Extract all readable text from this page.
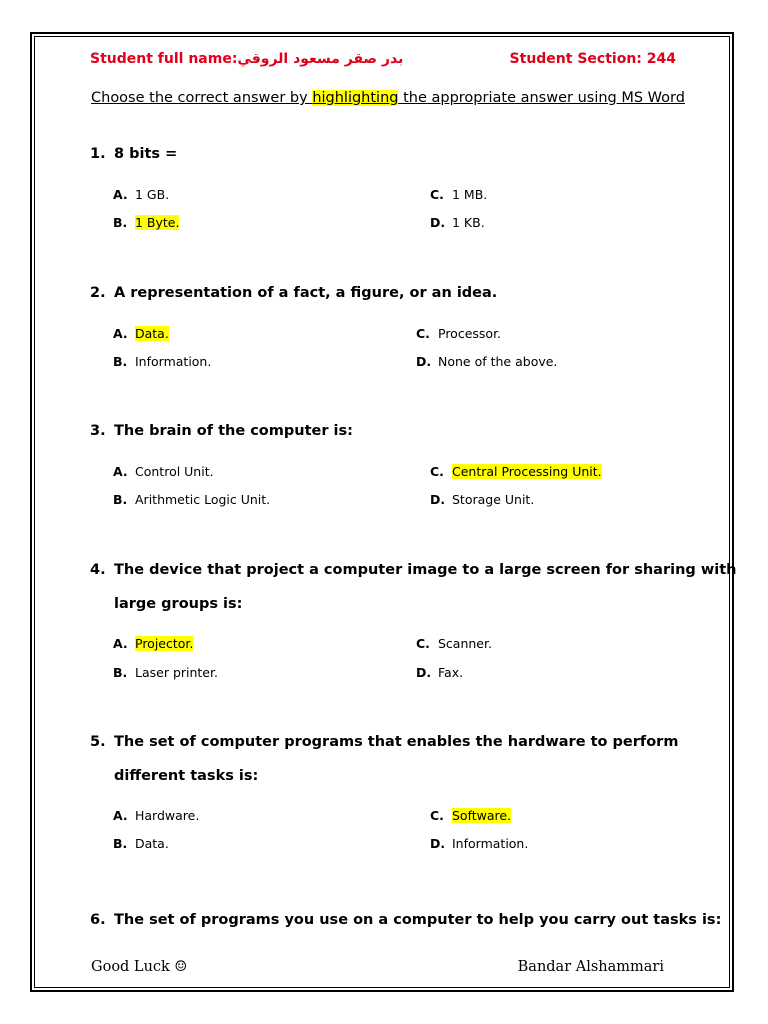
Student full name:بدر صقر مسعود الروقي	Student Section: 244
Choose the correct answer by highlighting the appropriate answer using MS Word
1. 8 bits =
A. 1 GB.
B. 1 Byte.
C. 1 MB.
D. 1 KB.
2. A representation of a fact, a figure, or an idea.
A. Data.
B. Information.
C. Processor.
D. None of the above.
3. The brain of the computer is:
A. Control Unit.
B. Arithmetic Logic Unit.
C. Central Processing Unit.
D. Storage Unit.
4. The device that project a computer image to a large screen for sharing with
large groups is:
A. Projector.
B. Laser printer.
C. Scanner.
D. Fax.
5. The set of computer programs that enables the hardware to perform
different tasks is:
A. Hardware.
B. Data.
C. Software.
D. Information.
6. The set of programs you use on a computer to help you carry out tasks is:
Good Luck ☺	Bandar Alshammari
